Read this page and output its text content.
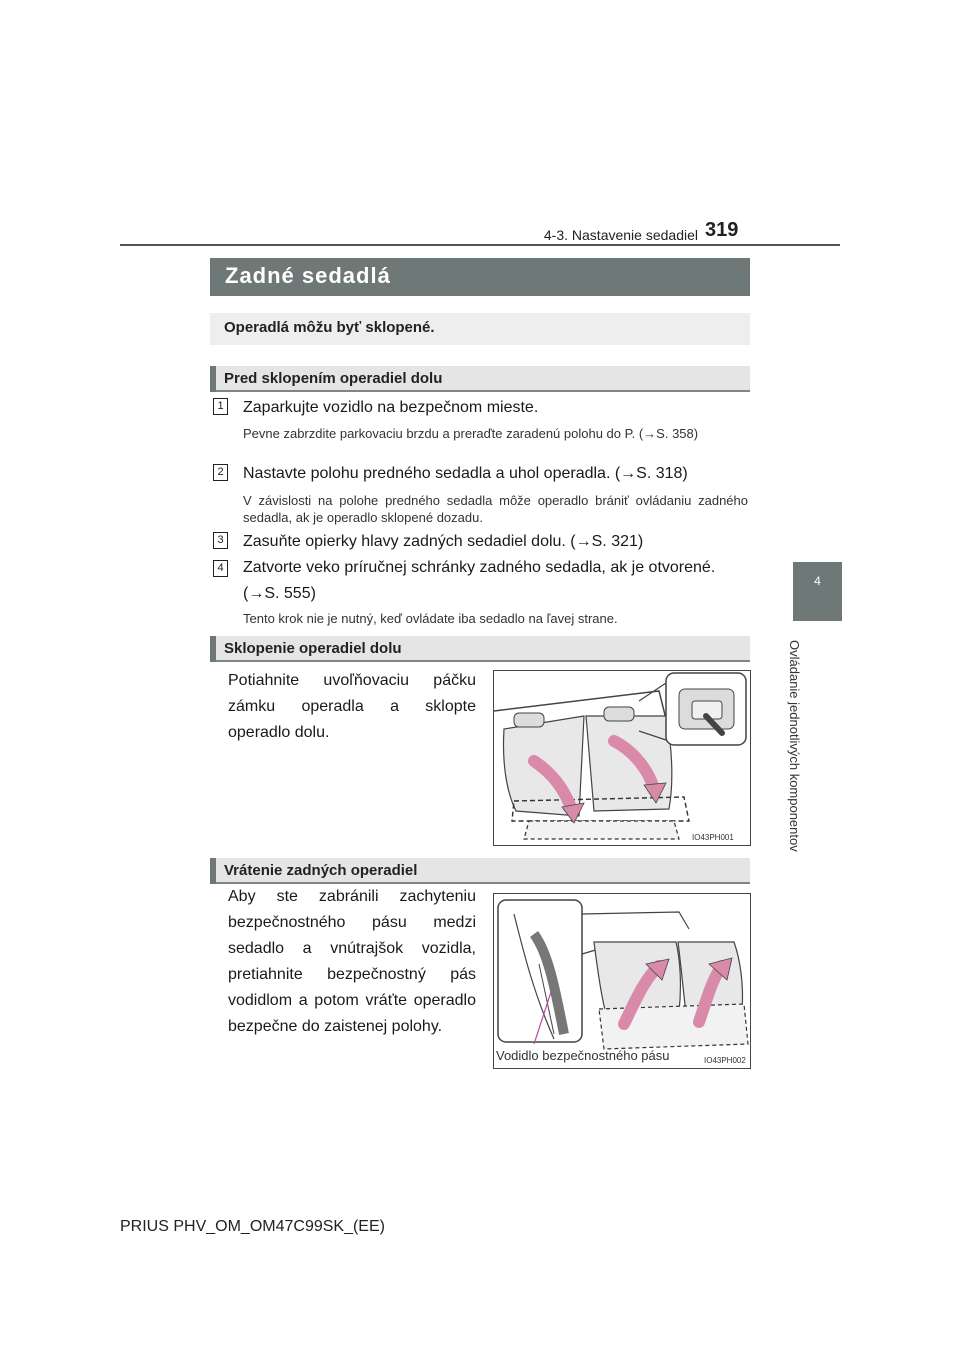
4-3. Nastavenie sedadiel 319
4
Ovládanie jednotlivých komponentov
Zadné sedadlá
Operadlá môžu byť sklopené.
Pred sklopením operadiel dolu
1 Zaparkujte vozidlo na bezpečnom mieste.
Pevne zabrzdite parkovaciu brzdu a preraďte zaradenú polohu do P. (→S. 358)
2 Nastavte polohu predného sedadla a uhol operadla. (→S. 318)
V závislosti na polohe predného sedadla môže operadlo brániť ovládaniu zadného sedadla, ak je operadlo sklopené dozadu.
3 Zasuňte opierky hlavy zadných sedadiel dolu. (→S. 321)
4 Zatvorte veko príručnej schránky zadného sedadla, ak je otvorené. (→S. 555)
Tento krok nie je nutný, keď ovládate iba sedadlo na ľavej strane.
Sklopenie operadiel dolu
Potiahnite uvoľňovaciu páčku zámku operadla a sklopte operadlo dolu.
IO43PH001
Vrátenie zadných operadiel
Aby ste zabránili zachyteniu bezpečnostného pásu medzi sedadlo a vnútrajšok vozidla, pretiahnite bezpečnostný pás vodidlom a potom vráťte operadlo bezpečne do zaistenej polohy.
Vodidlo bezpečnostného pásu	IO43PH002
PRIUS PHV_OM_OM47C99SK_(EE)
